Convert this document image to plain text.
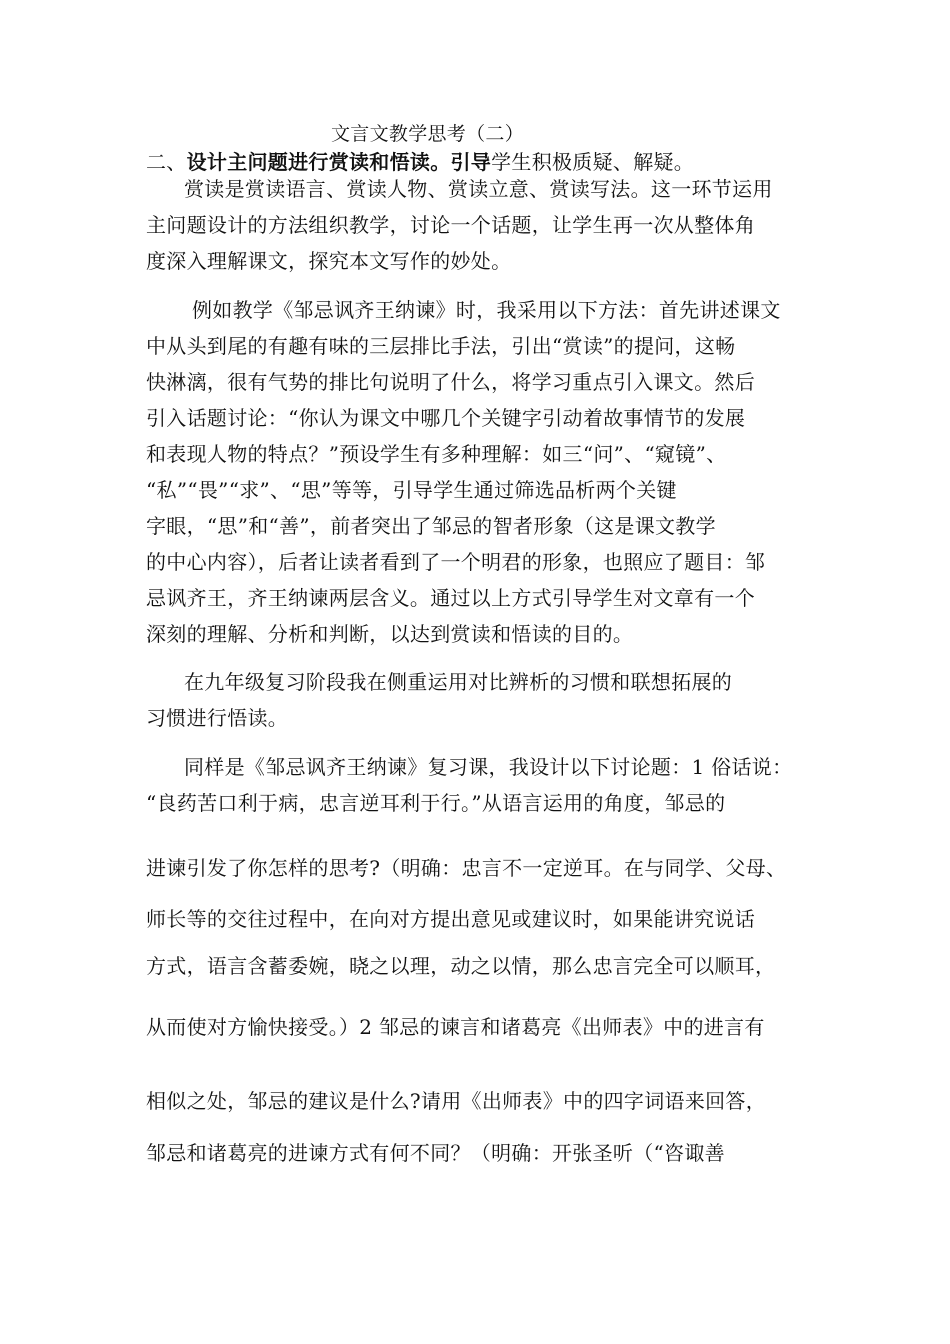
文言文教学思考（二）
二、设计主问题进行赏读和悟读。引导学生积极质疑、解疑。
赏读是赏读语言、赏读人物、赏读立意、赏读写法。这一环节运用
主问题设计的方法组织教学，讨论一个话题，让学生再一次从整体角
度深入理解课文，探究本文写作的妙处。
例如教学《邹忌讽齐王纳谏》时，我采用以下方法：首先讲述课文
中从头到尾的有趣有味的三层排比手法，引出“赏读”的提问，这畅
快淋漓，很有气势的排比句说明了什么，将学习重点引入课文。然后
引入话题讨论：“你认为课文中哪几个关键字引动着故事情节的发展
和表现人物的特点？”预设学生有多种理解：如三“问”、“窥镜”、
“私”“畏”“求”、“思”等等，引导学生通过筛选品析两个关键
字眼，“思”和“善”，前者突出了邹忌的智者形象（这是课文教学
的中心内容），后者让读者看到了一个明君的形象，也照应了题目：邹
忌讽齐王，齐王纳谏两层含义。通过以上方式引导学生对文章有一个
深刻的理解、分析和判断，以达到赏读和悟读的目的。
在九年级复习阶段我在侧重运用对比辨析的习惯和联想拓展的
习惯进行悟读。
同样是《邹忌讽齐王纳谏》复习课，我设计以下讨论题：1 俗话说：
“良药苦口利于病，忠言逆耳利于行。”从语言运用的角度，邹忌的
进谏引发了你怎样的思考?（明确：忠言不一定逆耳。在与同学、父母、
师长等的交往过程中，在向对方提出意见或建议时，如果能讲究说话
方式，语言含蓄委婉，晓之以理，动之以情，那么忠言完全可以顺耳，
从而使对方愉快接受。）2 邹忌的谏言和诸葛亮《出师表》中的进言有
相似之处，邹忌的建议是什么?请用《出师表》中的四字词语来回答，
邹忌和诸葛亮的进谏方式有何不同？（明确：开张圣听（“咨诹善
